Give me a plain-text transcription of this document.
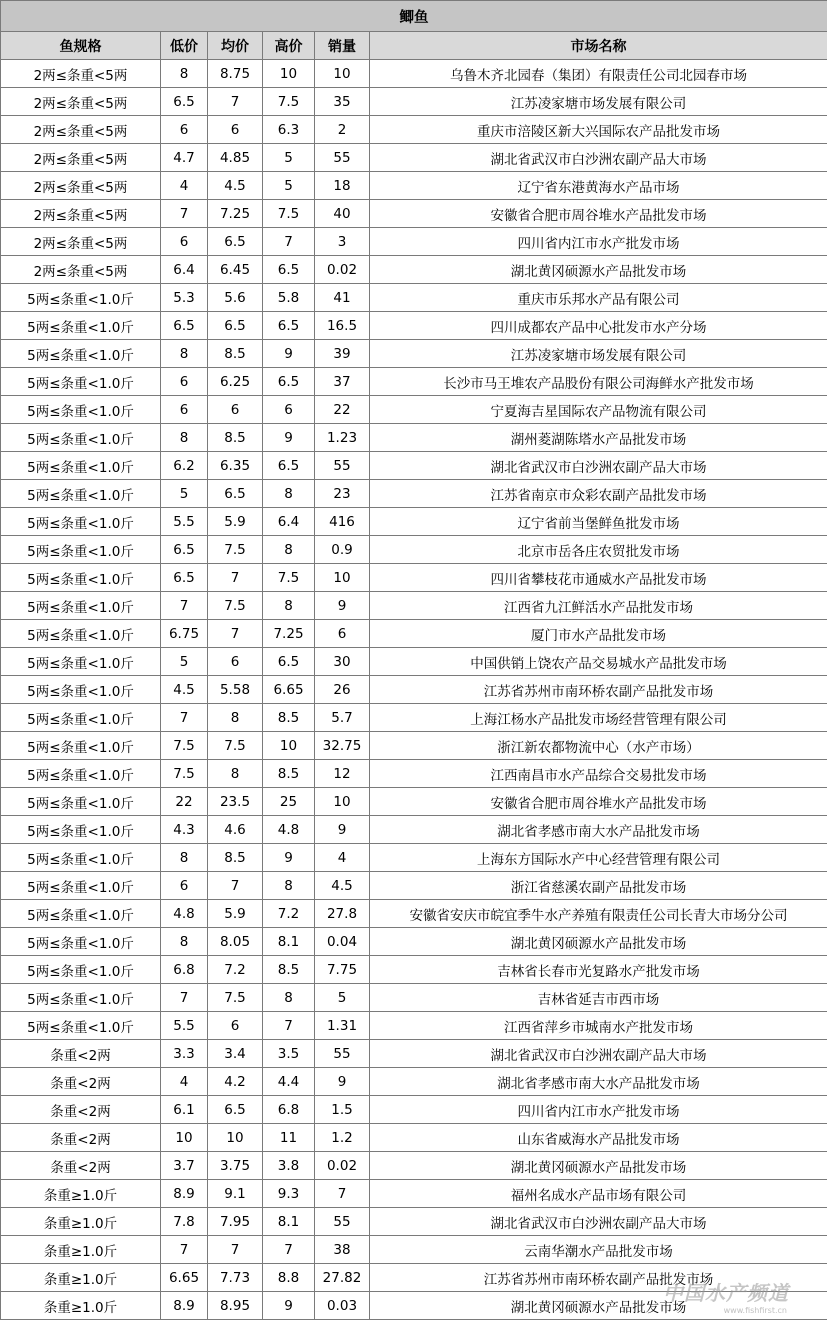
鲫鱼					
鱼规格	低价	均价	高价	销量	市场名称
2两≤条重<5两	8	8.75	10	10	乌鲁木齐北园春（集团）有限责任公司北园春市场
2两≤条重<5两	6.5	7	7.5	35	江苏凌家塘市场发展有限公司
2两≤条重<5两	6	6	6.3	2	重庆市涪陵区新大兴国际农产品批发市场
2两≤条重<5两	4.7	4.85	5	55	湖北省武汉市白沙洲农副产品大市场
2两≤条重<5两	4	4.5	5	18	辽宁省东港黄海水产品市场
2两≤条重<5两	7	7.25	7.5	40	安徽省合肥市周谷堆水产品批发市场
2两≤条重<5两	6	6.5	7	3	四川省内江市水产批发市场
2两≤条重<5两	6.4	6.45	6.5	0.02	湖北黄冈硕源水产品批发市场
5两≤条重<1.0斤	5.3	5.6	5.8	41	重庆市乐邦水产品有限公司
5两≤条重<1.0斤	6.5	6.5	6.5	16.5	四川成都农产品中心批发市水产分场
5两≤条重<1.0斤	8	8.5	9	39	江苏凌家塘市场发展有限公司
5两≤条重<1.0斤	6	6.25	6.5	37	长沙市马王堆农产品股份有限公司海鲜水产批发市场
5两≤条重<1.0斤	6	6	6	22	宁夏海吉星国际农产品物流有限公司
5两≤条重<1.0斤	8	8.5	9	1.23	湖州菱湖陈塔水产品批发市场
5两≤条重<1.0斤	6.2	6.35	6.5	55	湖北省武汉市白沙洲农副产品大市场
5两≤条重<1.0斤	5	6.5	8	23	江苏省南京市众彩农副产品批发市场
5两≤条重<1.0斤	5.5	5.9	6.4	416	辽宁省前当堡鲜鱼批发市场
5两≤条重<1.0斤	6.5	7.5	8	0.9	北京市岳各庄农贸批发市场
5两≤条重<1.0斤	6.5	7	7.5	10	四川省攀枝花市通威水产品批发市场
5两≤条重<1.0斤	7	7.5	8	9	江西省九江鲜活水产品批发市场
5两≤条重<1.0斤	6.75	7	7.25	6	厦门市水产品批发市场
5两≤条重<1.0斤	5	6	6.5	30	中国供销上饶农产品交易城水产品批发市场
5两≤条重<1.0斤	4.5	5.58	6.65	26	江苏省苏州市南环桥农副产品批发市场
5两≤条重<1.0斤	7	8	8.5	5.7	上海江杨水产品批发市场经营管理有限公司
5两≤条重<1.0斤	7.5	7.5	10	32.75	浙江新农都物流中心（水产市场）
5两≤条重<1.0斤	7.5	8	8.5	12	江西南昌市水产品综合交易批发市场
5两≤条重<1.0斤	22	23.5	25	10	安徽省合肥市周谷堆水产品批发市场
5两≤条重<1.0斤	4.3	4.6	4.8	9	湖北省孝感市南大水产品批发市场
5两≤条重<1.0斤	8	8.5	9	4	上海东方国际水产中心经营管理有限公司
5两≤条重<1.0斤	6	7	8	4.5	浙江省慈溪农副产品批发市场
5两≤条重<1.0斤	4.8	5.9	7.2	27.8	安徽省安庆市皖宜季牛水产养殖有限责任公司长青大市场分公司
5两≤条重<1.0斤	8	8.05	8.1	0.04	湖北黄冈硕源水产品批发市场
5两≤条重<1.0斤	6.8	7.2	8.5	7.75	吉林省长春市光复路水产批发市场
5两≤条重<1.0斤	7	7.5	8	5	吉林省延吉市西市场
5两≤条重<1.0斤	5.5	6	7	1.31	江西省萍乡市城南水产批发市场
条重<2两	3.3	3.4	3.5	55	湖北省武汉市白沙洲农副产品大市场
条重<2两	4	4.2	4.4	9	湖北省孝感市南大水产品批发市场
条重<2两	6.1	6.5	6.8	1.5	四川省内江市水产批发市场
条重<2两	10	10	11	1.2	山东省威海水产品批发市场
条重<2两	3.7	3.75	3.8	0.02	湖北黄冈硕源水产品批发市场
条重≥1.0斤	8.9	9.1	9.3	7	福州名成水产品市场有限公司
条重≥1.0斤	7.8	7.95	8.1	55	湖北省武汉市白沙洲农副产品大市场
条重≥1.0斤	7	7	7	38	云南华潮水产品批发市场
条重≥1.0斤	6.65	7.73	8.8	27.82	江苏省苏州市南环桥农副产品批发市场
条重≥1.0斤	8.9	8.95	9	0.03	湖北黄冈硕源水产品批发市场
中国水产频道
www.fishfirst.cn
